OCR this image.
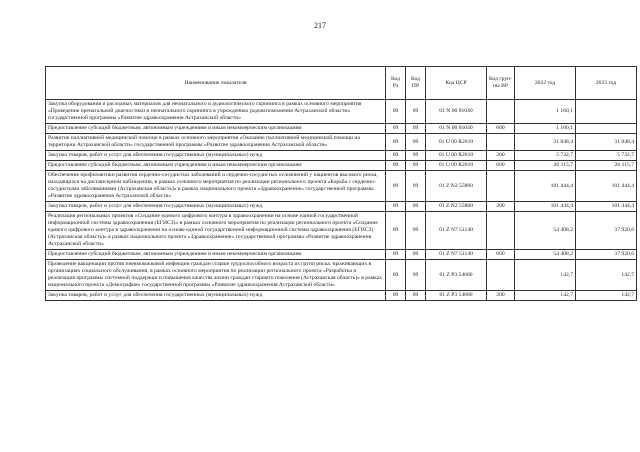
217
Наименование показателя	Код Рз	Код ПР	Код ЦСР	Код груп-пы ВР	2022 год	2023 год
Закупка оборудования и расходных материалов для неонатального и аудиологического скрининга в рамках основного мероприятия «Проведение пренатальной диагностики и неонатального скрининга в учреждениях родовспоможения Астраханской области» государственной программы «Развитие здравоохранения Астраханской области»	09	09	01 N 00 81040		1 160,1	
Предоставление субсидий бюджетным, автономным учреждениям и иным некоммерческим организациям	09	09	01 N 00 81040	600	1 160,1	
Развитие паллиативной медицинской помощи в рамках основного мероприятия «Оказание паллиативной медицинской помощи на территории Астраханской области» государственной программы «Развитие здравоохранения Астраханской области»	09	09	01 U 00 R2010		31 848,4	31 848,4
Закупка товаров, работ и услуг для обеспечения государственных (муниципальных) нужд	09	09	01 U 00 R2010	200	5 732,7	5 732,7
Предоставление субсидий бюджетным, автономным учреждениям и иным некоммерческим организациям	09	09	01 U 00 R2010	600	26 115,7	26 115,7
Обеспечение профилактики развития сердечно-сосудистых заболеваний и сердечно-сосудистых осложнений у пациентов высокого риска, находящихся на диспансерном наблюдении, в рамках основного мероприятия по реализации регионального проекта «Борьба с сердечно-сосудистыми заболеваниями (Астраханская область)» в рамках национального проекта «Здравоохранение» государственной программы «Развитие здравоохранения Астраханской области»	09	09	01 Z N2 55860		101 444,4	101 444,4
Закупка товаров, работ и услуг для обеспечения государственных (муниципальных) нужд	09	09	01 Z N2 55860	200	101 444,4	101 444,4
Реализация региональных проектов «Создание единого цифрового контура в здравоохранении на основе единой государственной информационной системы здравоохранения (ЕГИСЗ)» в рамках основного мероприятия по реализации регионального проекта «Создание единого цифрового контура в здравоохранении на основе единой государственной информационной системы здравоохранения (ЕГИСЗ) (Астраханская область)» в рамках национального проекта «Здравоохранение» государственной программы «Развитие здравоохранения Астраханской области»	09	09	01 Z N7 51140		54 408,2	37 920,6
Предоставление субсидий бюджетным, автономным учреждениям и иным некоммерческим организациям	09	09	01 Z N7 51140	600	54 408,2	37 920,6
Проведение вакцинации против пневмококковой инфекции граждан старше трудоспособного возраста из групп риска, проживающих в организациях социального обслуживания, в рамках основного мероприятия по реализации регионального проекта «Разработка и реализация программы системной поддержки и повышения качества жизни граждан старшего поколения (Астраханская область)» в рамках национального проекта «Демография» государственной программы «Развитие здравоохранения Астраханской области»	09	09	01 Z P3 54680		142,7	142,7
Закупка товаров, работ и услуг для обеспечения государственных (муниципальных) нужд	09	09	01 Z P3 54680	200	142,7	142,7
